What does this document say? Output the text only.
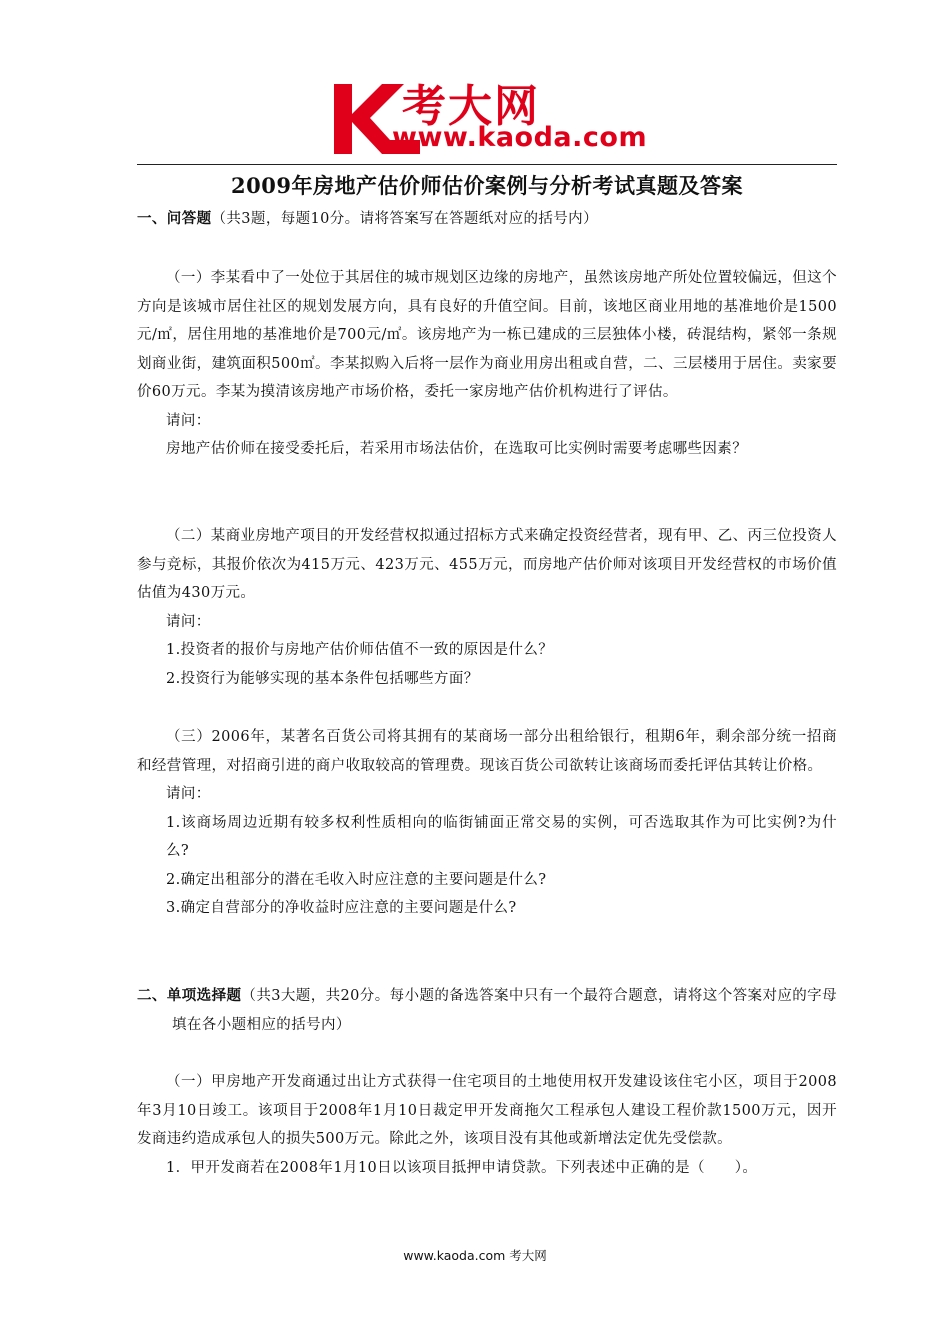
考大网
www.kaoda.com
2009年房地产估价师估价案例与分析考试真题及答案

一、问答题（共3题，每题10分。请将答案写在答题纸对应的括号内）

（一）李某看中了一处位于其居住的城市规划区边缘的房地产，虽然该房地产所处位置较偏远，但这个方向是该城市居住社区的规划发展方向，具有良好的升值空间。目前，该地区商业用地的基准地价是1500元/㎡，居住用地的基准地价是700元/㎡。该房地产为一栋已建成的三层独体小楼，砖混结构，紧邻一条规划商业街，建筑面积500㎡。李某拟购入后将一层作为商业用房出租或自营，二、三层楼用于居住。卖家要价60万元。李某为摸清该房地产市场价格，委托一家房地产估价机构进行了评估。

请问：

房地产估价师在接受委托后，若采用市场法估价，在选取可比实例时需要考虑哪些因素？

（二）某商业房地产项目的开发经营权拟通过招标方式来确定投资经营者，现有甲、乙、丙三位投资人参与竞标，其报价依次为415万元、423万元、455万元，而房地产估价师对该项目开发经营权的市场价值估值为430万元。

请问：

1.投资者的报价与房地产估价师估值不一致的原因是什么？

2.投资行为能够实现的基本条件包括哪些方面？

（三）2006年，某著名百货公司将其拥有的某商场一部分出租给银行，租期6年，剩余部分统一招商和经营管理，对招商引进的商户收取较高的管理费。现该百货公司欲转让该商场而委托评估其转让价格。

请问：

1.该商场周边近期有较多权利性质相向的临街铺面正常交易的实例，可否选取其作为可比实例?为什么?

2.确定出租部分的潜在毛收入时应注意的主要问题是什么?

3.确定自营部分的净收益时应注意的主要问题是什么?

二、单项选择题（共3大题，共20分。每小题的备选答案中只有一个最符合题意，请将这个答案对应的字母填在各小题相应的括号内）

（一）甲房地产开发商通过出让方式获得一住宅项目的土地使用权开发建设该住宅小区，项目于2008年3月10日竣工。该项目于2008年1月10日裁定甲开发商拖欠工程承包人建设工程价款1500万元，因开发商违约造成承包人的损失500万元。除此之外，该项目没有其他或新增法定优先受偿款。

1．甲开发商若在2008年1月10日以该项目抵押申请贷款。下列表述中正确的是（　　）。

www.kaoda.com 考大网
